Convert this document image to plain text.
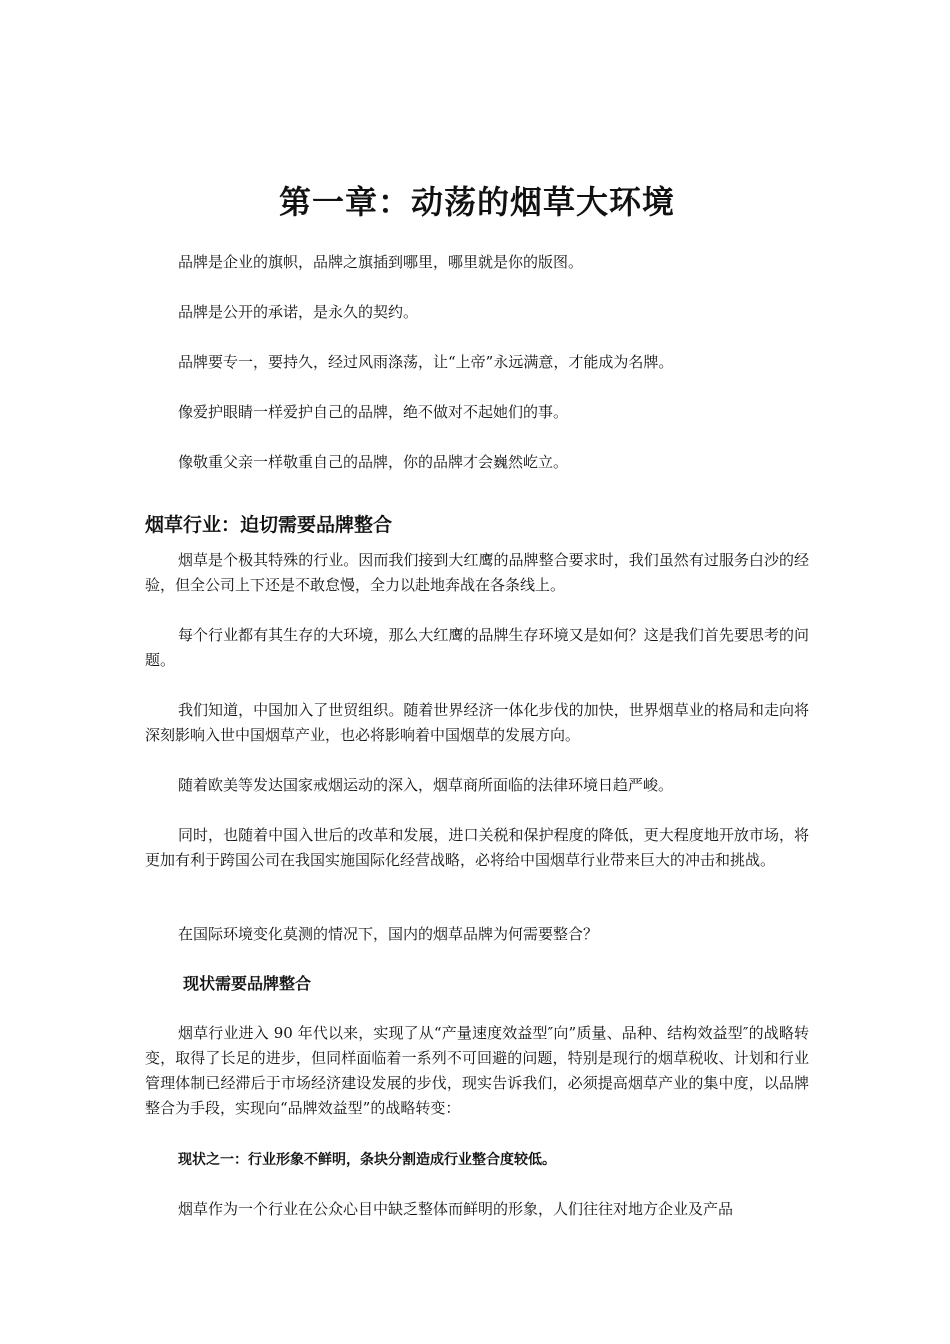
第一章：动荡的烟草大环境

品牌是企业的旗帜，品牌之旗插到哪里，哪里就是你的版图。

品牌是公开的承诺，是永久的契约。

品牌要专一，要持久，经过风雨涤荡，让“上帝”永远满意，才能成为名牌。

像爱护眼睛一样爱护自己的品牌，绝不做对不起她们的事。

像敬重父亲一样敬重自己的品牌，你的品牌才会巍然屹立。

烟草行业：迫切需要品牌整合

烟草是个极其特殊的行业。因而我们接到大红鹰的品牌整合要求时，我们虽然有过服务白沙的经验，但全公司上下还是不敢怠慢，全力以赴地奔战在各条线上。

每个行业都有其生存的大环境，那么大红鹰的品牌生存环境又是如何？这是我们首先要思考的问题。

我们知道，中国加入了世贸组织。随着世界经济一体化步伐的加快，世界烟草业的格局和走向将深刻影响入世中国烟草产业，也必将影响着中国烟草的发展方向。

随着欧美等发达国家戒烟运动的深入，烟草商所面临的法律环境日趋严峻。

同时，也随着中国入世后的改革和发展，进口关税和保护程度的降低，更大程度地开放市场，将更加有利于跨国公司在我国实施国际化经营战略，必将给中国烟草行业带来巨大的冲击和挑战。

在国际环境变化莫测的情况下，国内的烟草品牌为何需要整合？

现状需要品牌整合

烟草行业进入 90 年代以来，实现了从“产量速度效益型″向”质量、品种、结构效益型″的战略转变，取得了长足的进步，但同样面临着一系列不可回避的问题，特别是现行的烟草税收、计划和行业管理体制已经滞后于市场经济建设发展的步伐，现实告诉我们，必须提高烟草产业的集中度，以品牌整合为手段，实现向“品牌效益型”的战略转变：

现状之一：行业形象不鲜明，条块分割造成行业整合度较低。

烟草作为一个行业在公众心目中缺乏整体而鲜明的形象，人们往往对地方企业及产品
